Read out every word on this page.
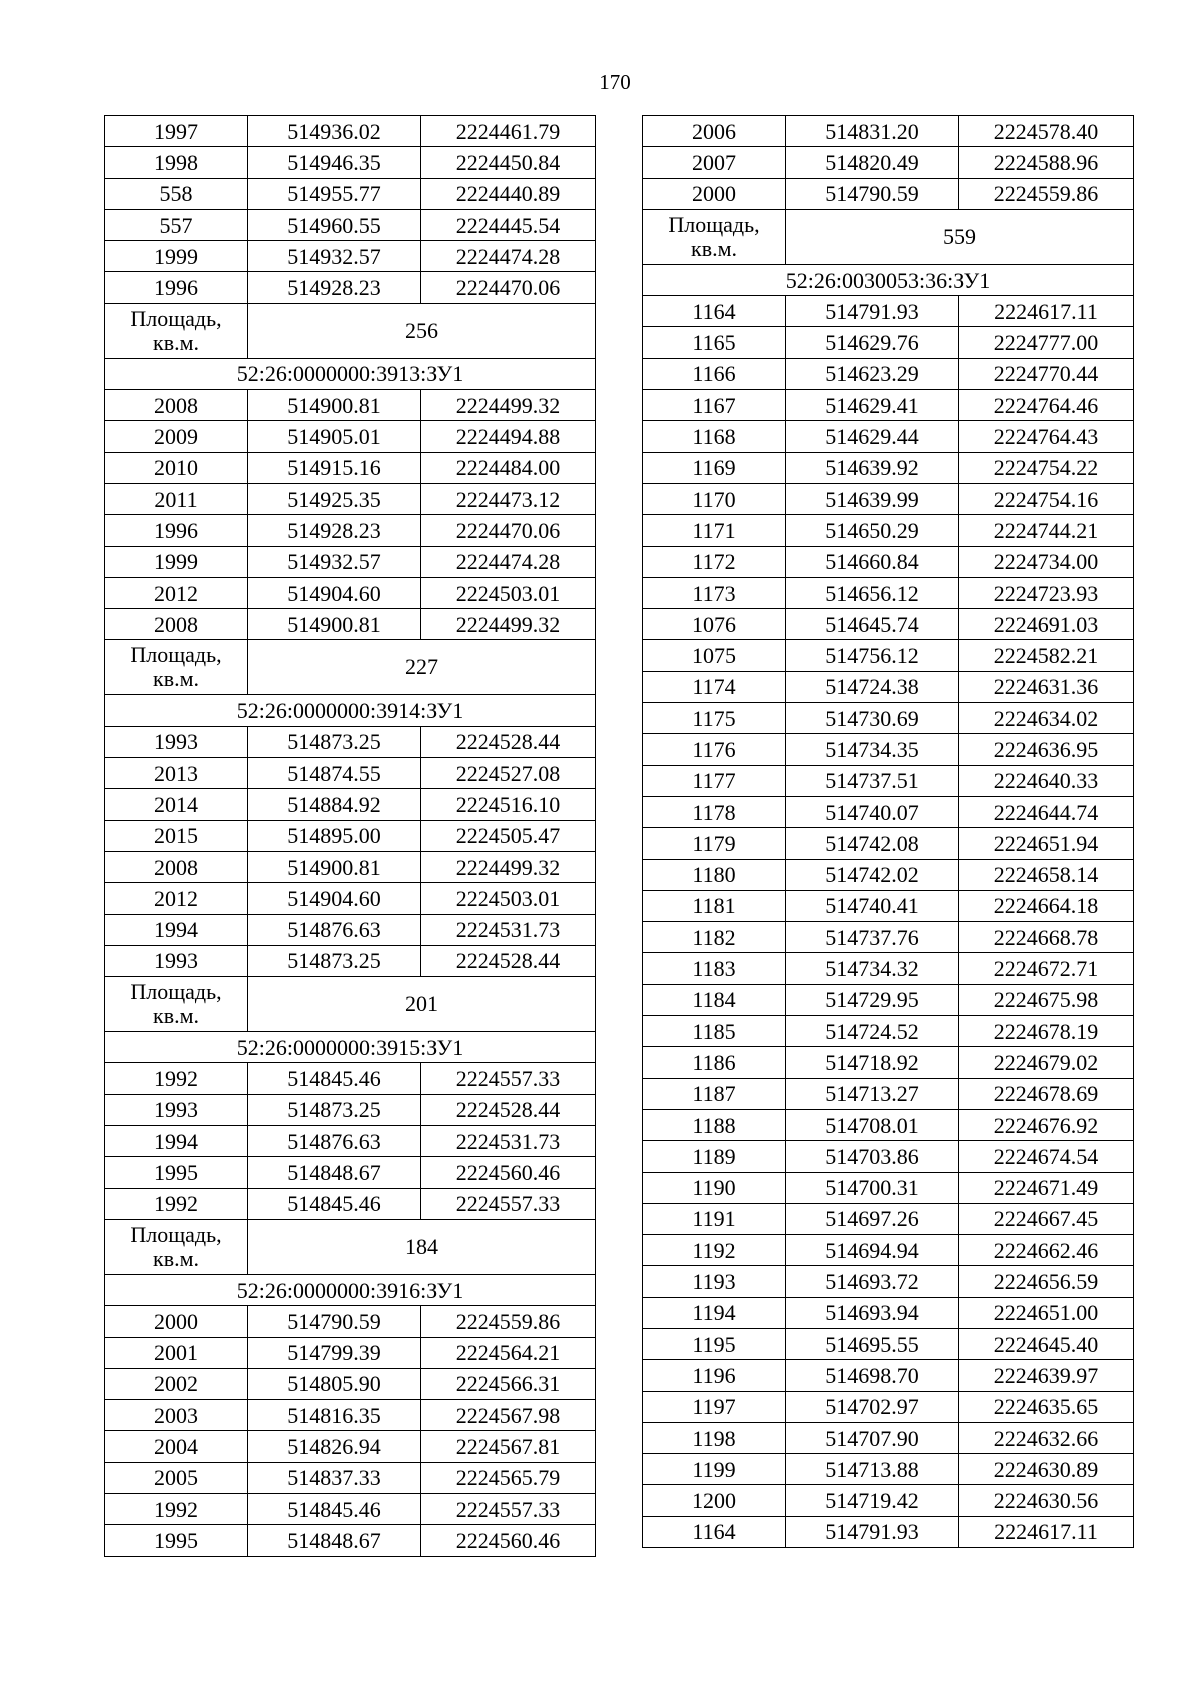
170
1997	514936.02	2224461.79
1998	514946.35	2224450.84
558	514955.77	2224440.89
557	514960.55	2224445.54
1999	514932.57	2224474.28
1996	514928.23	2224470.06
Площадь,
кв.м.	256	
52:26:0000000:3913:ЗУ1		
2008	514900.81	2224499.32
2009	514905.01	2224494.88
2010	514915.16	2224484.00
2011	514925.35	2224473.12
1996	514928.23	2224470.06
1999	514932.57	2224474.28
2012	514904.60	2224503.01
2008	514900.81	2224499.32
Площадь,
кв.м.	227	
52:26:0000000:3914:ЗУ1		
1993	514873.25	2224528.44
2013	514874.55	2224527.08
2014	514884.92	2224516.10
2015	514895.00	2224505.47
2008	514900.81	2224499.32
2012	514904.60	2224503.01
1994	514876.63	2224531.73
1993	514873.25	2224528.44
Площадь,
кв.м.	201	
52:26:0000000:3915:ЗУ1		
1992	514845.46	2224557.33
1993	514873.25	2224528.44
1994	514876.63	2224531.73
1995	514848.67	2224560.46
1992	514845.46	2224557.33
Площадь,
кв.м.	184	
52:26:0000000:3916:ЗУ1		
2000	514790.59	2224559.86
2001	514799.39	2224564.21
2002	514805.90	2224566.31
2003	514816.35	2224567.98
2004	514826.94	2224567.81
2005	514837.33	2224565.79
1992	514845.46	2224557.33
1995	514848.67	2224560.46
2006	514831.20	2224578.40
2007	514820.49	2224588.96
2000	514790.59	2224559.86
Площадь,
кв.м.	559	
52:26:0030053:36:ЗУ1		
1164	514791.93	2224617.11
1165	514629.76	2224777.00
1166	514623.29	2224770.44
1167	514629.41	2224764.46
1168	514629.44	2224764.43
1169	514639.92	2224754.22
1170	514639.99	2224754.16
1171	514650.29	2224744.21
1172	514660.84	2224734.00
1173	514656.12	2224723.93
1076	514645.74	2224691.03
1075	514756.12	2224582.21
1174	514724.38	2224631.36
1175	514730.69	2224634.02
1176	514734.35	2224636.95
1177	514737.51	2224640.33
1178	514740.07	2224644.74
1179	514742.08	2224651.94
1180	514742.02	2224658.14
1181	514740.41	2224664.18
1182	514737.76	2224668.78
1183	514734.32	2224672.71
1184	514729.95	2224675.98
1185	514724.52	2224678.19
1186	514718.92	2224679.02
1187	514713.27	2224678.69
1188	514708.01	2224676.92
1189	514703.86	2224674.54
1190	514700.31	2224671.49
1191	514697.26	2224667.45
1192	514694.94	2224662.46
1193	514693.72	2224656.59
1194	514693.94	2224651.00
1195	514695.55	2224645.40
1196	514698.70	2224639.97
1197	514702.97	2224635.65
1198	514707.90	2224632.66
1199	514713.88	2224630.89
1200	514719.42	2224630.56
1164	514791.93	2224617.11
